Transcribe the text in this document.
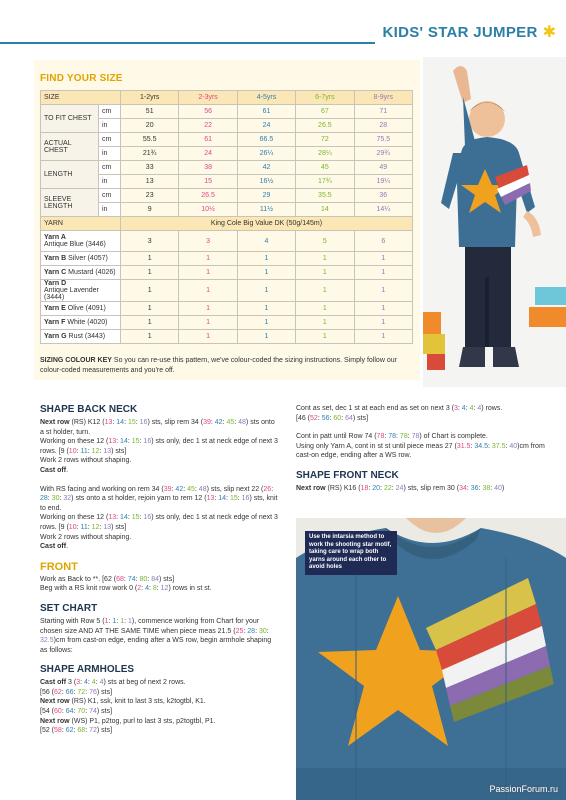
KIDS' STAR JUMPER ✱
FIND YOUR SIZE
SIZE		1-2yrs	2-3yrs	4-5yrs	6-7yrs	8-9yrs
TO FIT CHEST	cm	51	56	61	67	71
	in	20	22	24	26.5	28
ACTUAL CHEST	cm	55.5	61	66.5	72	75.5
	in	21¾	24	26¼	28¼	29¾
LENGTH	cm	33	38	42	45	49
	in	13	15	16½	17¾	19¼
SLEEVE LENGTH	cm	23	26.5	29	35.5	36
	in	9	10½	11½	14	14¼
YARN		King Cole Big Value DK (50g/145m)				
Yarn A
Antique Blue (3446)		3	3	4	5	6
Yarn B Silver (4057)		1	1	1	1	1
Yarn C Mustard (4026)		1	1	1	1	1
Yarn D
Antique Lavender (3444)		1	1	1	1	1
Yarn E Olive (4091)		1	1	1	1	1
Yarn F White (4020)		1	1	1	1	1
Yarn G Rust (3443)		1	1	1	1	1
SIZING COLOUR KEY So you can re-use this pattern, we've colour-coded the sizing instructions. Simply follow our colour-coded measurements and you're off.
Use the intarsia method to work the shooting star motif, taking care to wrap both yarns around each other to avoid holes
SHAPE BACK NECK

Next row (RS) K12 (13: 14: 15: 16) sts, slip rem 34 (39: 42: 45: 48) sts onto a st holder, turn.
Working on these 12 (13: 14: 15: 16) sts only, dec 1 st at neck edge of next 3 rows. [9 (10: 11: 12: 13) sts]
Work 2 rows without shaping.
Cast off.

With RS facing and working on rem 34 (39: 42: 45: 48) sts, slip next 22 (26: 28: 30: 32) sts onto a st holder, rejoin yarn to rem 12 (13: 14: 15: 16) sts, knit to end.
Working on these 12 (13: 14: 15: 16) sts only, dec 1 st at neck edge of next 3 rows. [9 (10: 11: 12: 13) sts]
Work 2 rows without shaping.
Cast off.

FRONT

Work as Back to **. [62 (68: 74: 80: 84) sts]
Beg with a RS knit row work 0 (2: 4: 8: 12) rows in st st.

SET CHART

Starting with Row 5 (1: 1: 1: 1), commence working from Chart for your chosen size AND AT THE SAME TIME when piece meas 21.5 (25: 28: 30: 32.5)cm from cast-on edge, ending after a WS row, begin armhole shaping as follows:

SHAPE ARMHOLES

Cast off 3 (3: 4: 4: 4) sts at beg of next 2 rows.
[56 (62: 66: 72: 76) sts]
Next row (RS) K1, ssk, knit to last 3 sts, k2togtbl, K1.
[54 (60: 64: 70: 74) sts]
Next row (WS) P1, p2tog, purl to last 3 sts, p2togtbl, P1.
[52 (58: 62: 68: 72) sts]

Cont as set, dec 1 st at each end as set on next 3 (3: 4: 4: 4) rows.
[46 (52: 56: 60: 64) sts]

Cont in patt until Row 74 (78: 78: 78: 78) of Chart is complete.
Using only Yarn A, cont in st st until piece meas 27 (31.5: 34.5: 37.5: 40)cm from cast-on edge, ending after a WS row.

SHAPE FRONT NECK

Next row (RS) K16 (18: 20: 22: 24) sts, slip rem 30 (34: 36: 38: 40)

PassionForum.ru
